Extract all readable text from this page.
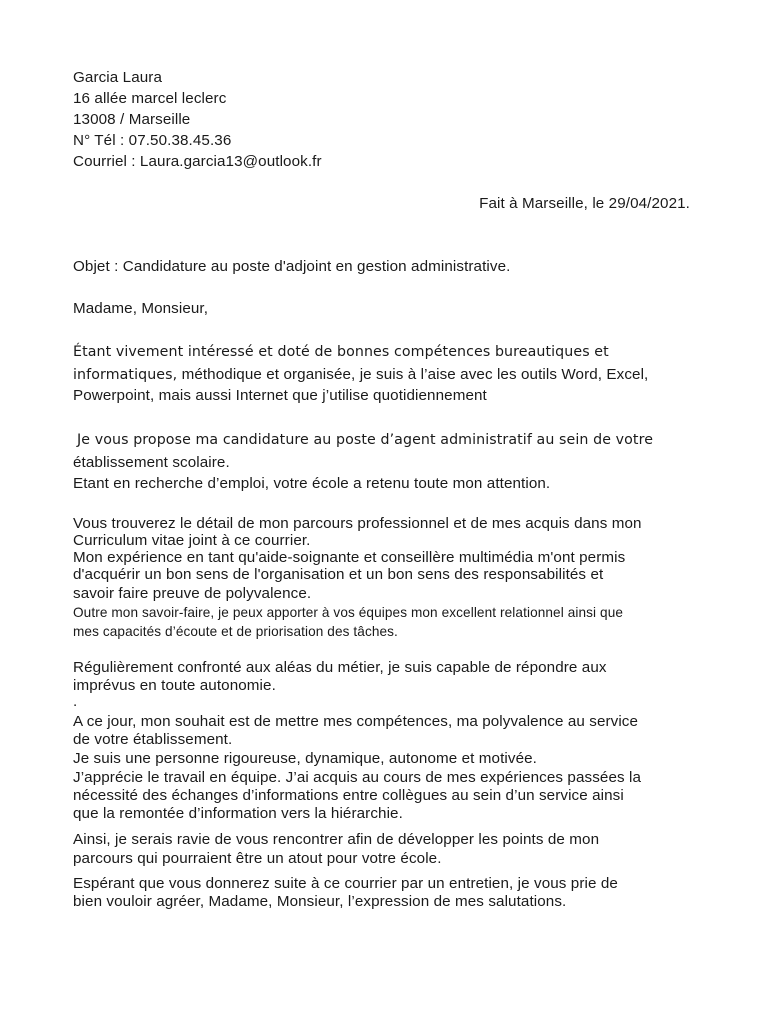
Garcia Laura
16 allée marcel leclerc
13008 / Marseille
N° Tél : 07.50.38.45.36
Courriel : Laura.garcia13@outlook.fr
Fait à Marseille, le 29/04/2021.
Objet : Candidature au poste d'adjoint en gestion administrative.
Madame, Monsieur,
Étant vivement intéressé et doté de bonnes compétences bureautiques et
informatiques, méthodique et organisée, je suis à l’aise avec les outils Word, Excel,
Powerpoint, mais aussi Internet que j’utilise quotidiennement
Je vous propose ma candidature au poste d’agent administratif au sein de votre
établissement scolaire.
Etant en recherche d’emploi, votre école a retenu toute mon attention.
Vous trouverez le détail de mon parcours professionnel et de mes acquis dans mon
Curriculum vitae joint à ce courrier.
Mon expérience en tant qu'aide-soignante et conseillère multimédia m'ont permis
d'acquérir un bon sens de l'organisation et un bon sens des responsabilités et
savoir faire preuve de polyvalence.
Outre mon savoir-faire, je peux apporter à vos équipes mon excellent relationnel ainsi que
mes capacités d’écoute et de priorisation des tâches.
Régulièrement confronté aux aléas du métier, je suis capable de répondre aux
imprévus en toute autonomie.
.
A ce jour, mon souhait est de mettre mes compétences, ma polyvalence au service
de votre établissement.
Je suis une personne rigoureuse, dynamique, autonome et motivée.
J’apprécie le travail en équipe. J’ai acquis au cours de mes expériences passées la
nécessité des échanges d’informations entre collègues au sein d’un service ainsi
que la remontée d’information vers la hiérarchie.
Ainsi, je serais ravie de vous rencontrer afin de développer les points de mon
parcours qui pourraient être un atout pour votre école.
Espérant que vous donnerez suite à ce courrier par un entretien, je vous prie de
bien vouloir agréer, Madame, Monsieur, l’expression de mes salutations.
